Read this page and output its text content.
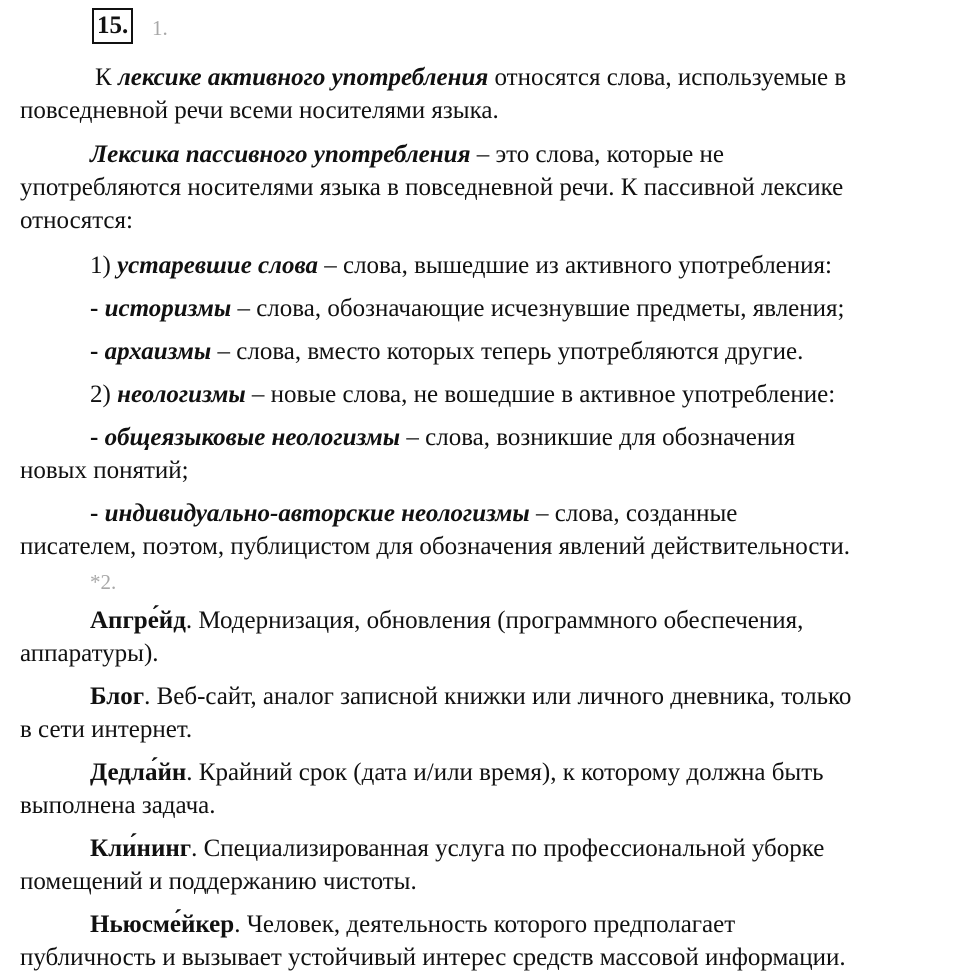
15. 1.

К лексике активного употребления относятся слова, используемые в

повседневной речи всеми носителями языка.

Лексика пассивного употребления – это слова, которые не

употребляются носителями языка в повседневной речи. К пассивной лексике

относятся:

1) устаревшие слова – слова, вышедшие из активного употребления:

- историзмы – слова, обозначающие исчезнувшие предметы, явления;

- архаизмы – слова, вместо которых теперь употребляются другие.

2) неологизмы – новые слова, не вошедшие в активное употребление:

- общеязыковые неологизмы – слова, возникшие для обозначения

новых понятий;

- индивидуально-авторские неологизмы – слова, созданные

писателем, поэтом, публицистом для обозначения явлений действительности.

*2.

Апгре́йд. Модернизация, обновления (программного обеспечения,

аппаратуры).

Блог. Веб-сайт, аналог записной книжки или личного дневника, только

в сети интернет.

Дедла́йн. Крайний срок (дата и/или время), к которому должна быть

выполнена задача.

Кли́нинг. Специализированная услуга по профессиональной уборке

помещений и поддержанию чистоты.

Ньюсме́йкер. Человек, деятельность которого предполагает

публичность и вызывает устойчивый интерес средств массовой информации.
